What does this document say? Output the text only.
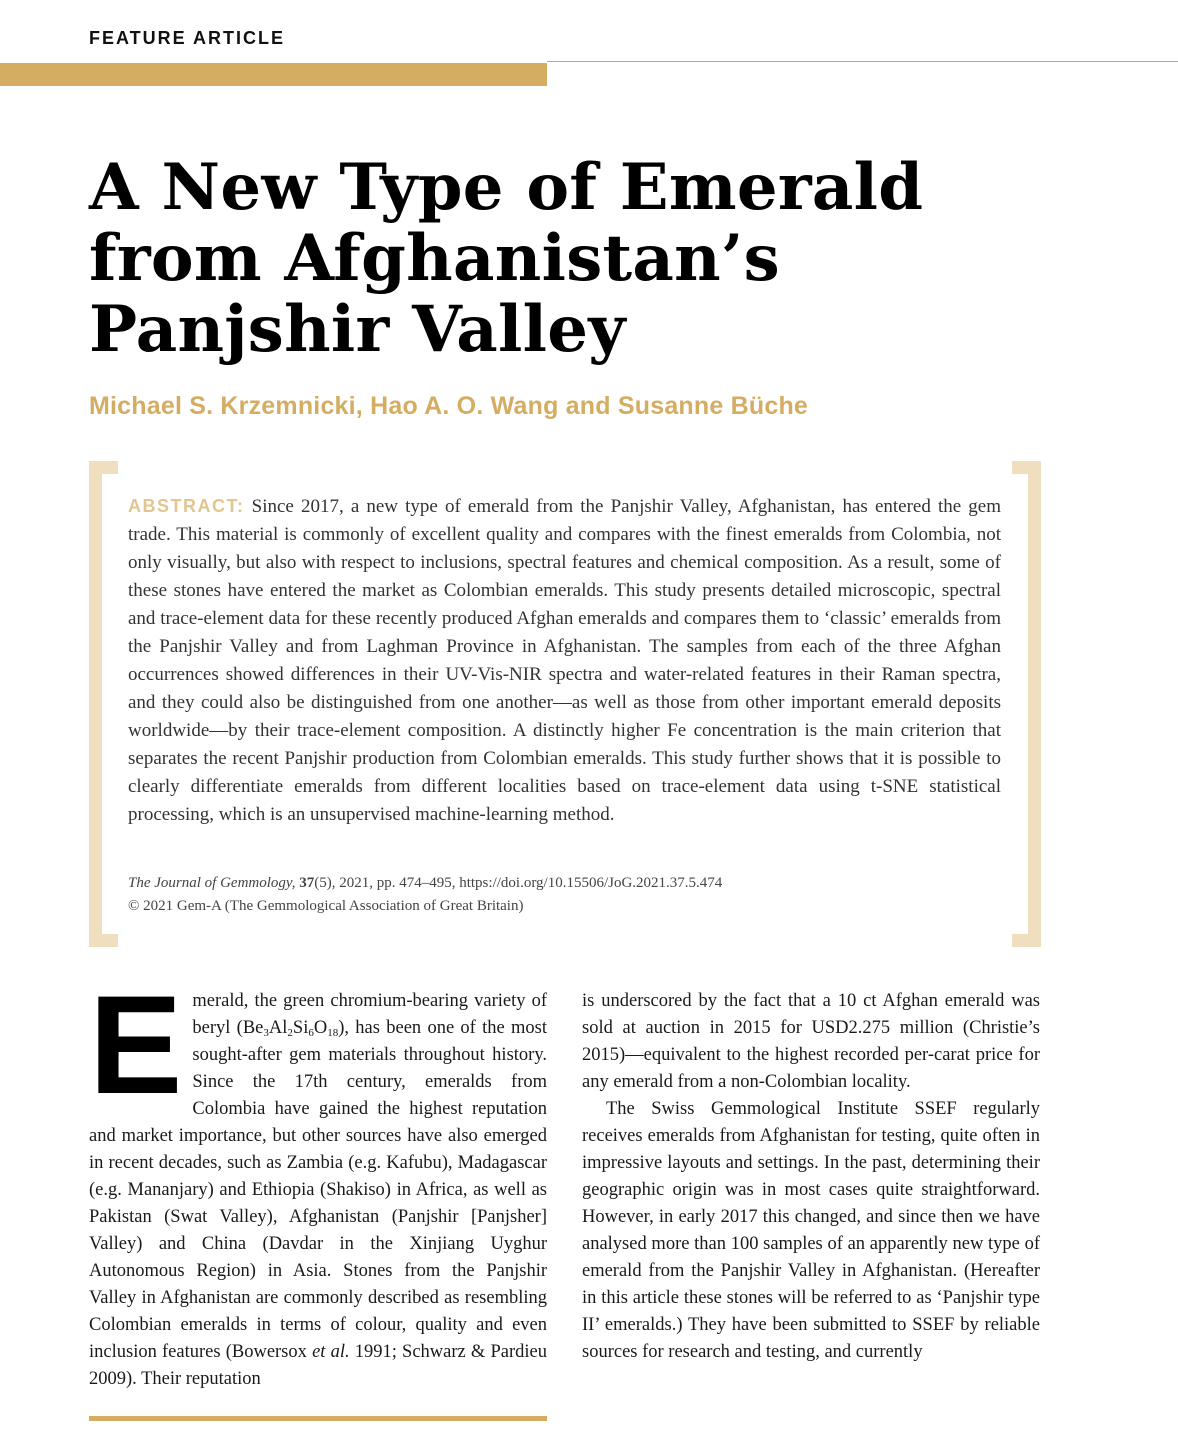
FEATURE ARTICLE
A New Type of Emerald
from Afghanistan’s
Panjshir Valley
Michael S. Krzemnicki, Hao A. O. Wang and Susanne Büche

ABSTRACT: Since 2017, a new type of emerald from the Panjshir Valley, Afghanistan, has entered the gem trade. This material is commonly of excellent quality and compares with the finest emeralds from Colombia, not only visually, but also with respect to inclusions, spectral features and chemical composition. As a result, some of these stones have entered the market as Colombian emeralds. This study presents detailed microscopic, spectral and trace-element data for these recently produced Afghan emeralds and compares them to ‘classic’ emeralds from the Panjshir Valley and from Laghman Province in Afghanistan. The samples from each of the three Afghan occurrences showed differences in their UV-Vis-NIR spectra and water-related features in their Raman spectra, and they could also be distinguished from one another—as well as those from other important emerald deposits worldwide—by their trace-element composition. A distinctly higher Fe concentration is the main criterion that separates the recent Panjshir production from Colombian emeralds. This study further shows that it is possible to clearly differentiate emeralds from different localities based on trace-element data using t-SNE statistical processing, which is an unsupervised machine-learning method.

The Journal of Gemmology, 37(5), 2021, pp. 474–495, https://doi.org/10.15506/JoG.2021.37.5.474
© 2021 Gem-A (The Gemmological Association of Great Britain)

Emerald, the green chromium-bearing variety of beryl $(Be_3Al_2Si_6O_{18})$, has been one of the most sought-after gem materials throughout history. Since the 17th century, emeralds from Colombia have gained the highest reputation and market importance, but other sources have also emerged in recent decades, such as Zambia (e.g. Kafubu), Madagascar (e.g. Mananjary) and Ethiopia (Shakiso) in Africa, as well as Pakistan (Swat Valley), Afghanistan (Panjshir [Panjsher] Valley) and China (Davdar in the Xinjiang Uyghur Autonomous Region) in Asia. Stones from the Panjshir Valley in Afghanistan are commonly described as resembling Colombian emeralds in terms of colour, quality and even inclusion features (Bowersox et al. 1991; Schwarz & Pardieu 2009). Their reputation

is underscored by the fact that a 10 ct Afghan emerald was sold at auction in 2015 for USD2.275 million (Christie’s 2015)—equivalent to the highest recorded per-carat price for any emerald from a non-Colombian locality.

The Swiss Gemmological Institute SSEF regularly receives emeralds from Afghanistan for testing, quite often in impressive layouts and settings. In the past, determining their geographic origin was in most cases quite straightforward. However, in early 2017 this changed, and since then we have analysed more than 100 samples of an apparently new type of emerald from the Panjshir Valley in Afghanistan. (Hereafter in this article these stones will be referred to as ‘Panjshir type II’ emeralds.) They have been submitted to SSEF by reliable sources for research and testing, and currently
